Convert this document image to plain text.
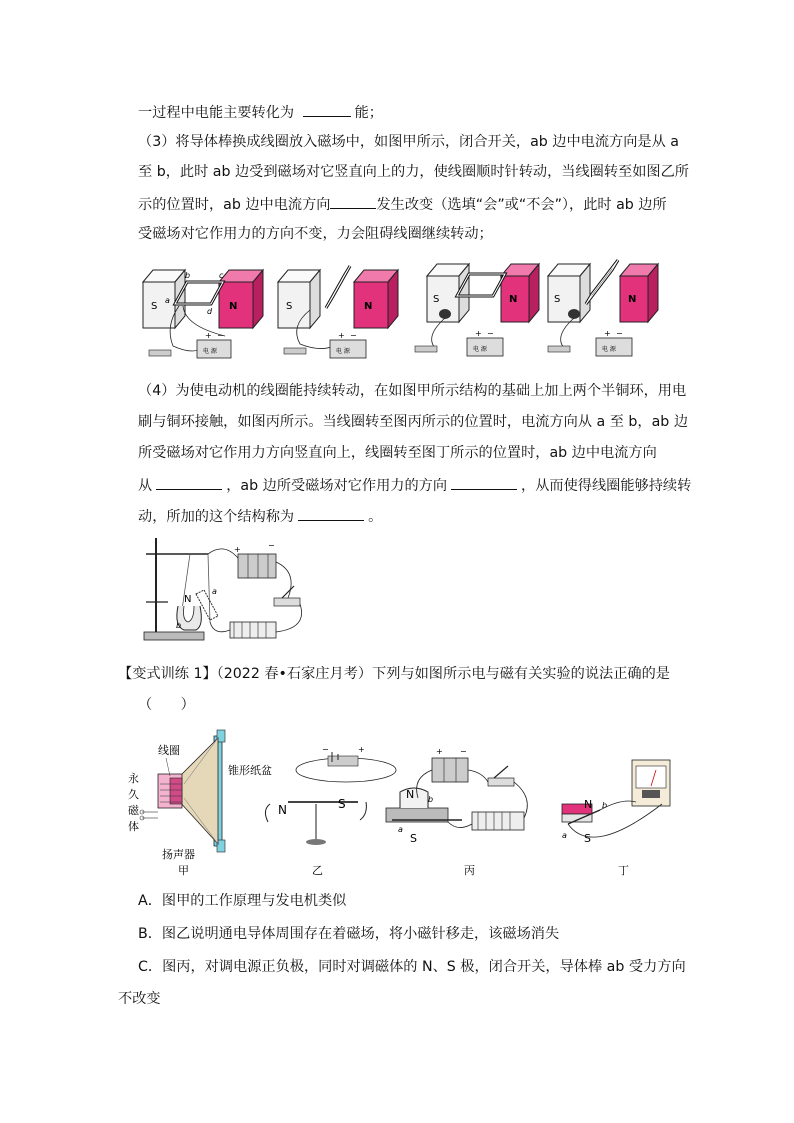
一过程中电能主要转化为	能；
（3）将导体棒换成线圈放入磁场中，如图甲所示，闭合开关，ab 边中电流方向是从 a
至 b，此时 ab 边受到磁场对它竖直向上的力，使线圈顺时针转动，当线圈转至如图乙所
示的位置时，ab 边中电流方向	发生改变（选填“会”或“不会”），此时 ab 边所
受磁场对它作用力的方向不变，力会阻碍线圈继续转动；
S	N
a
b	c
d
电 源
+ −
S	N
电 源
+ −
S	N
+ −
电 源
S	N
+ −
电 源
（4）为使电动机的线圈能持续转动，在如图甲所示结构的基础上加上两个半铜环，用电
刷与铜环接触，如图丙所示。当线圈转至图丙所示的位置时，电流方向从 a 至 b，ab 边
所受磁场对它作用力方向竖直向上，线圈转至图丁所示的位置时，ab 边中电流方向
从	，ab 边所受磁场对它作用力的方向	，从而使得线圈能够持续转
动，所加的这个结构称为	。
N
a
b
+	−
【变式训练 1】（2022 春•石家庄月考）下列与如图所示电与磁有关实验的说法正确的是
（　　）
线圈
锥形纸盆
永
久
磁
体
扬声器
甲
−	+
N	S
乙
+ −
N
S
b
a
丙
N
S
b
a
丁
A．图甲的工作原理与发电机类似
B．图乙说明通电导体周围存在着磁场，将小磁针移走，该磁场消失
C．图丙，对调电源正负极，同时对调磁体的 N、S 极，闭合开关，导体棒 ab 受力方向
不改变
